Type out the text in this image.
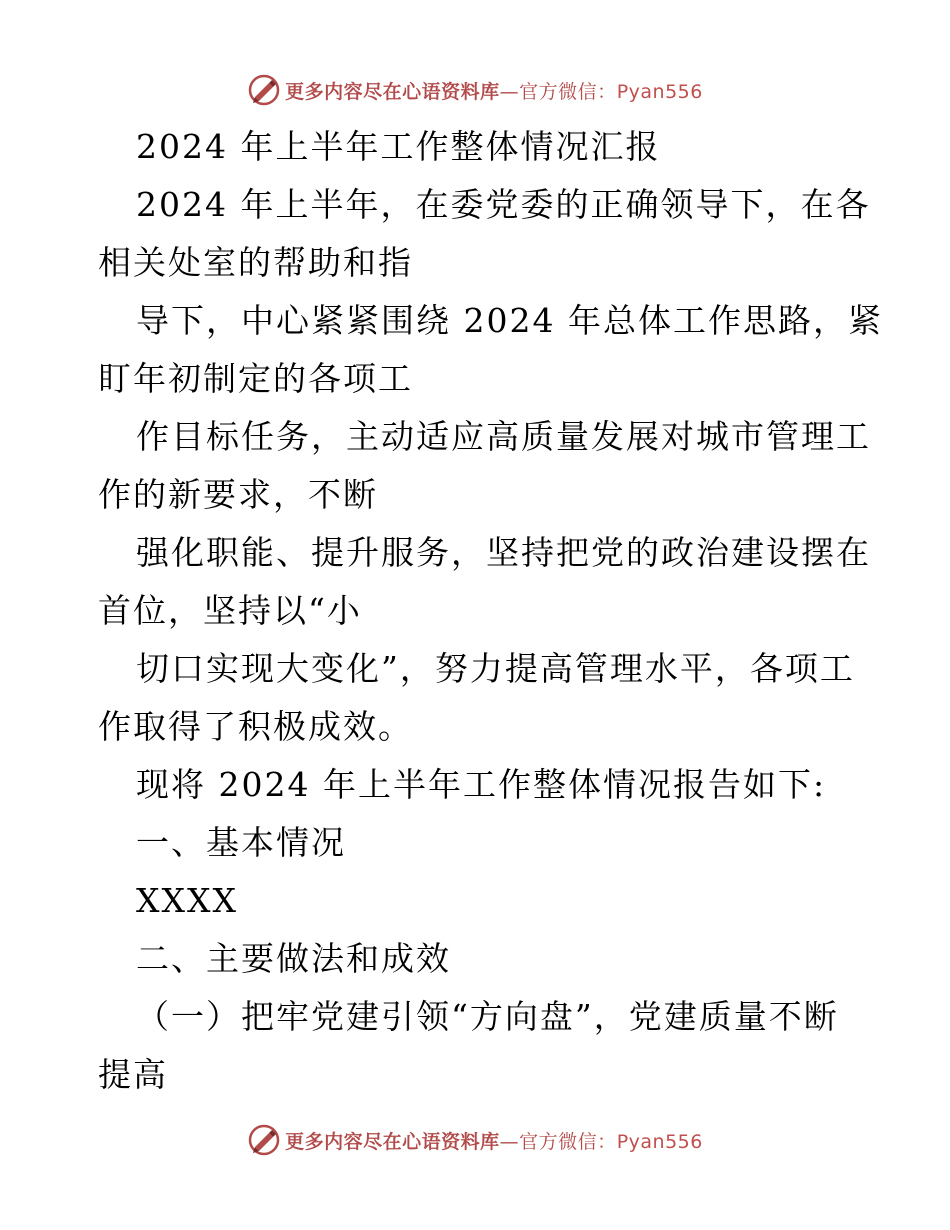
更多内容尽在心语资料库—官方微信：Pyan556
2024 年上半年工作整体情况汇报
2024 年上半年，在委党委的正确领导下，在各
相关处室的帮助和指
导下，中心紧紧围绕 2024 年总体工作思路，紧
盯年初制定的各项工
作目标任务，主动适应高质量发展对城市管理工
作的新要求，不断
强化职能、提升服务，坚持把党的政治建设摆在
首位，坚持以“小
切口实现大变化”，努力提高管理水平，各项工
作取得了积极成效。
现将 2024 年上半年工作整体情况报告如下:
一、基本情况
XXXX
二、主要做法和成效
（一）把牢党建引领“方向盘”，党建质量不断
提高
更多内容尽在心语资料库—官方微信：Pyan556
